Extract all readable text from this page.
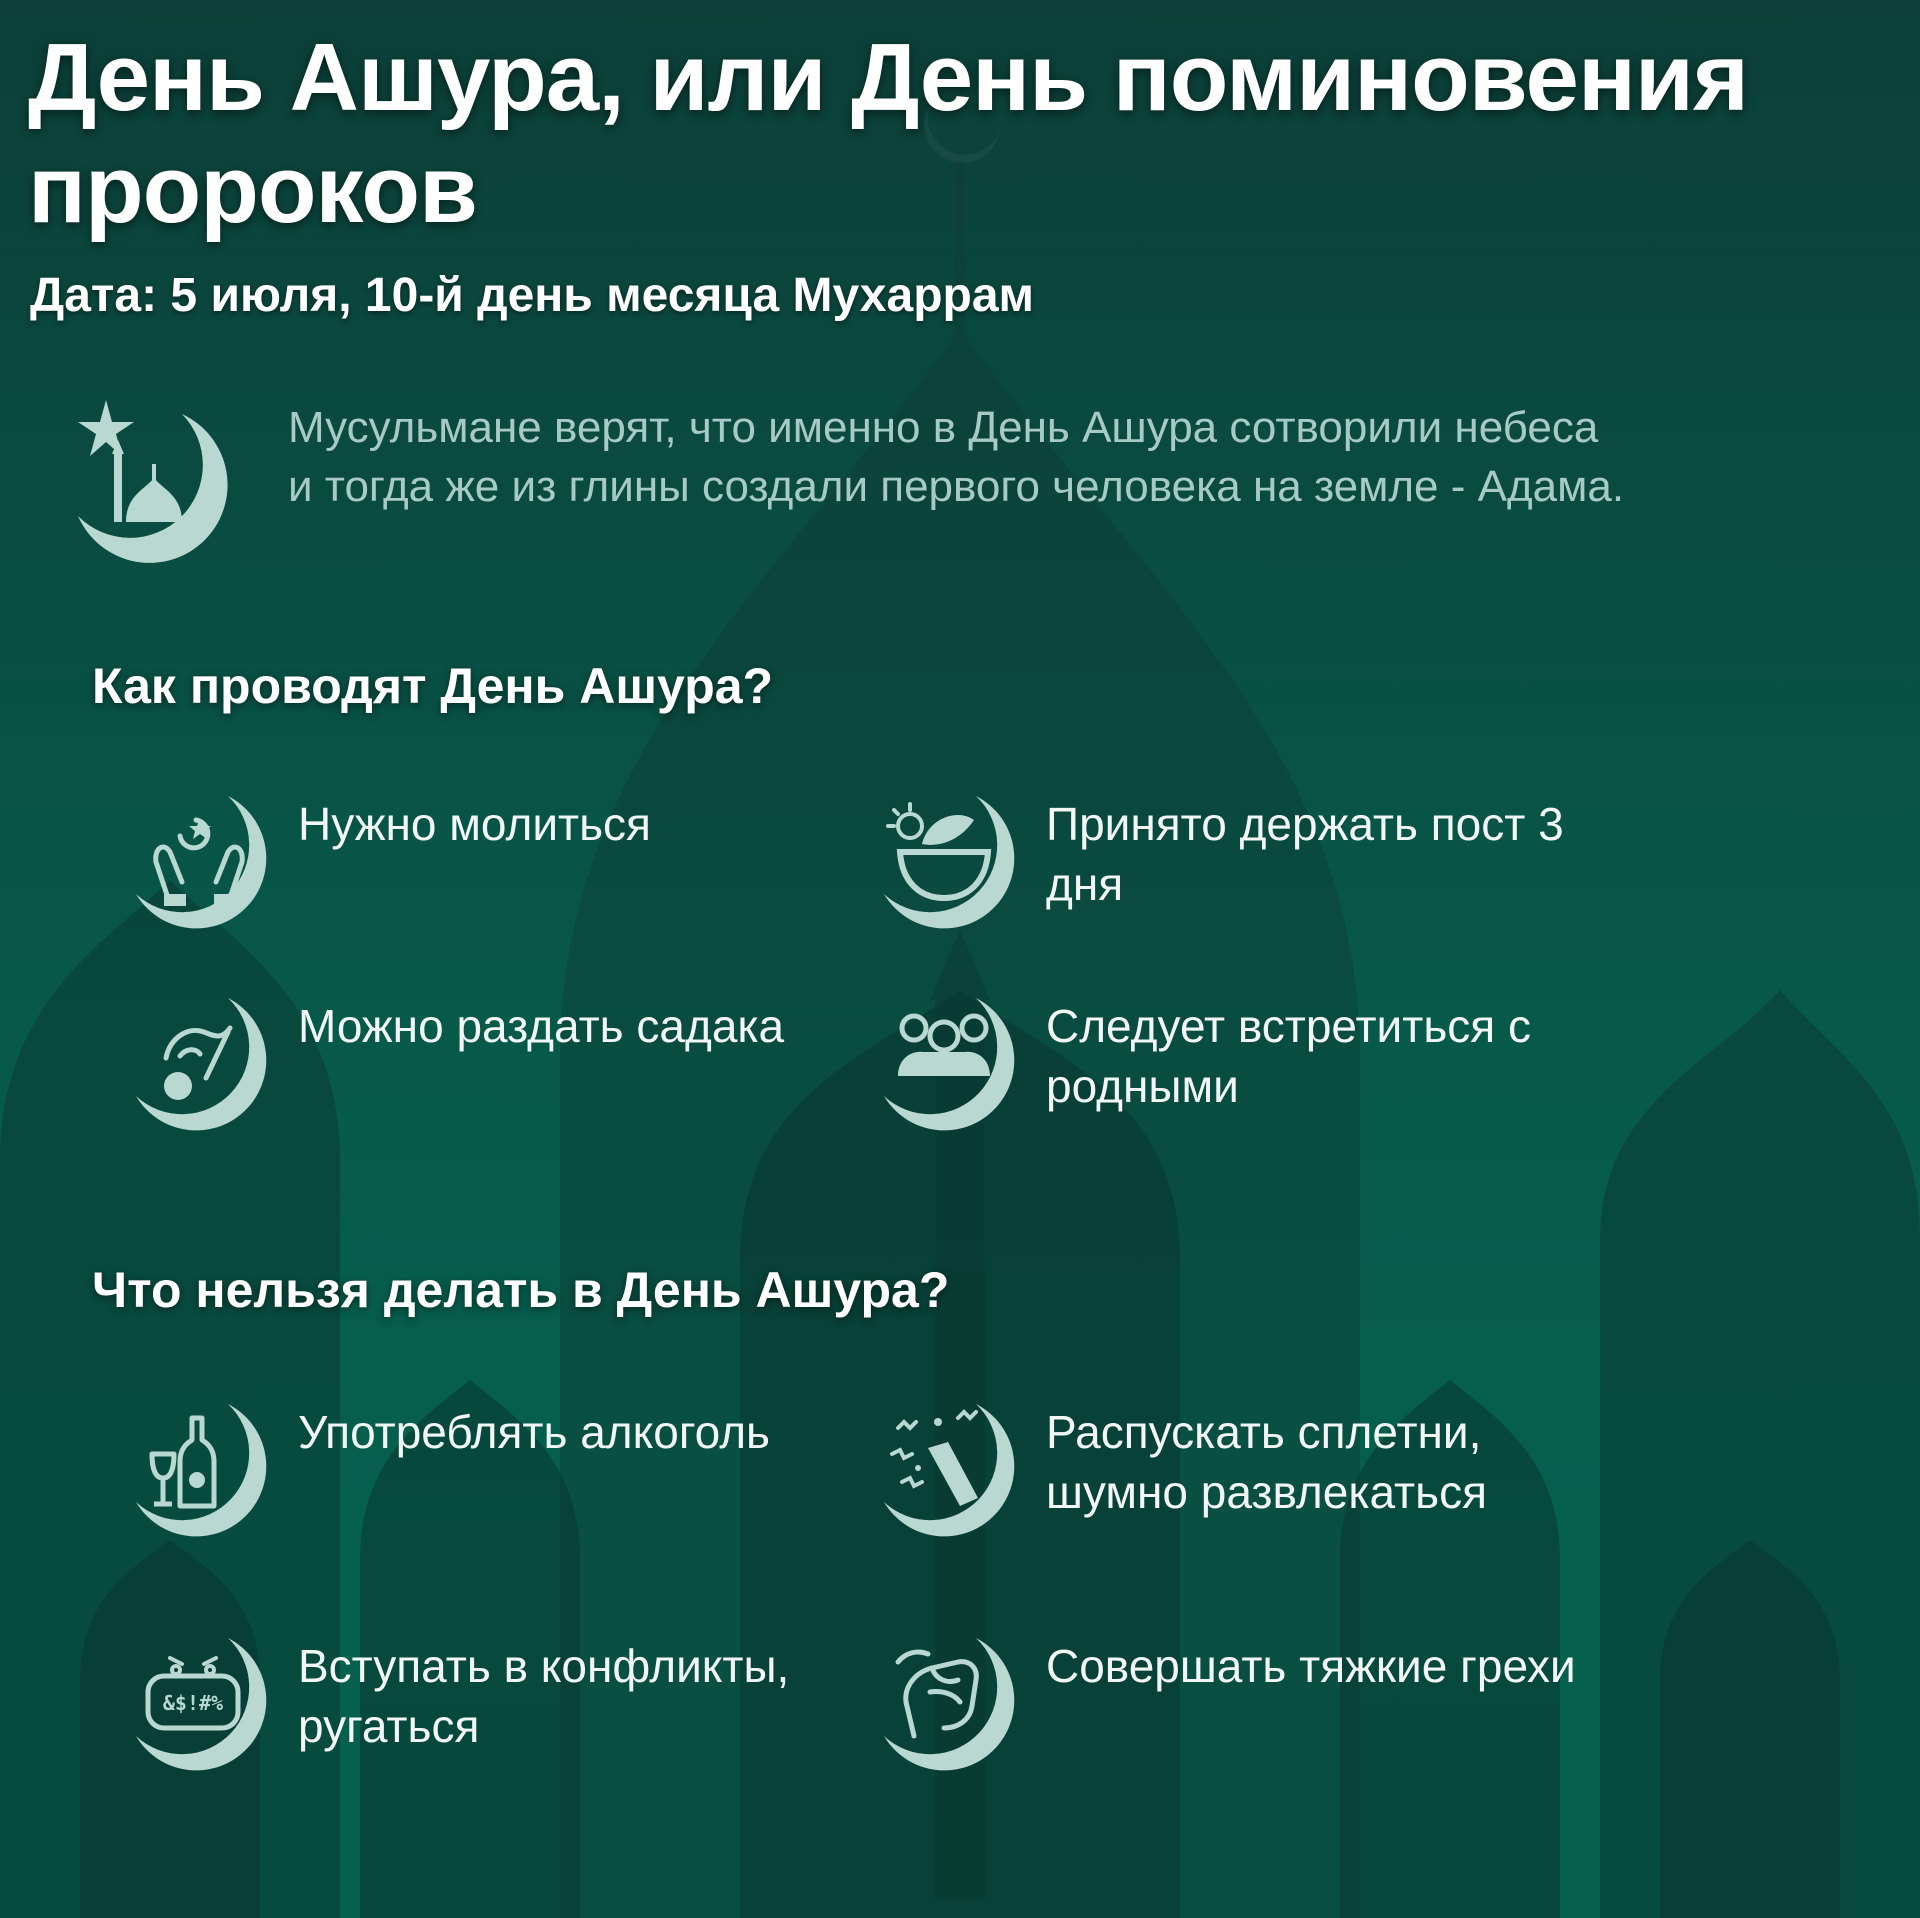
День Ашура, или День поминовения пророков
Дата: 5 июля, 10-й день месяца Мухаррам
Мусульмане верят, что именно в День Ашура сотворили небеса и тогда же из глины создали первого человека на земле - Адама.
Как проводят День Ашура?
Нужно молиться	Принято держать пост 3 дня
Можно раздать садака	Следует встретиться с родными
Что нельзя делать в День Ашура?
Употреблять алкоголь	Распускать сплетни, шумно развлекаться
&$!#%
Вступать в конфликты, ругаться
Совершать тяжкие грехи
